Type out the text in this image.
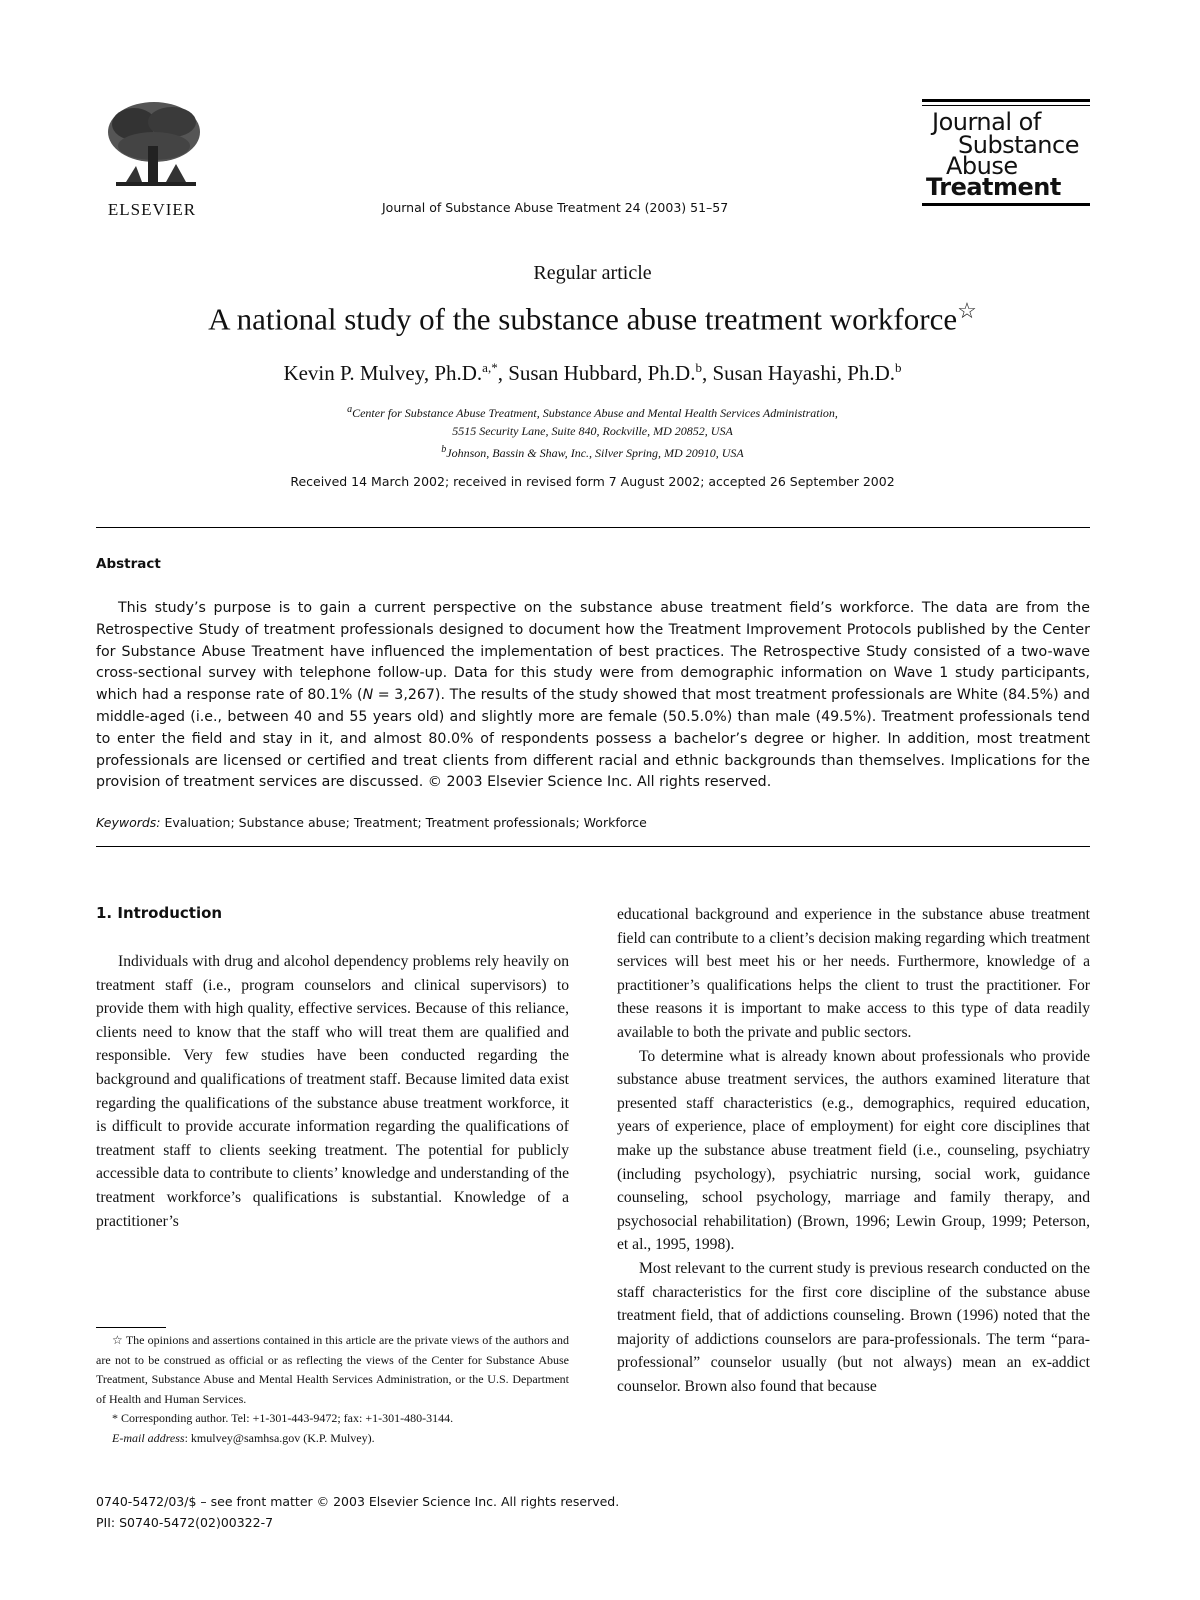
ELSEVIER	Journal of Substance Abuse Treatment 24 (2003) 51–57
Journal of
Substance
Abuse
Treatment
Regular article
A national study of the substance abuse treatment workforce☆
Kevin P. Mulvey, Ph.D.$^{a,*}$, Susan Hubbard, Ph.D.$^b$, Susan Hayashi, Ph.D.$^b$
$^a$Center for Substance Abuse Treatment, Substance Abuse and Mental Health Services Administration,
5515 Security Lane, Suite 840, Rockville, MD 20852, USA
$^b$Johnson, Bassin & Shaw, Inc., Silver Spring, MD 20910, USA
Received 14 March 2002; received in revised form 7 August 2002; accepted 26 September 2002
Abstract
This study’s purpose is to gain a current perspective on the substance abuse treatment field’s workforce. The data are from the Retrospective Study of treatment professionals designed to document how the Treatment Improvement Protocols published by the Center for Substance Abuse Treatment have influenced the implementation of best practices. The Retrospective Study consisted of a two-wave cross-sectional survey with telephone follow-up. Data for this study were from demographic information on Wave 1 study participants, which had a response rate of 80.1% (N = 3,267). The results of the study showed that most treatment professionals are White (84.5%) and middle-aged (i.e., between 40 and 55 years old) and slightly more are female (50.5.0%) than male (49.5%). Treatment professionals tend to enter the field and stay in it, and almost 80.0% of respondents possess a bachelor’s degree or higher. In addition, most treatment professionals are licensed or certified and treat clients from different racial and ethnic backgrounds than themselves. Implications for the provision of treatment services are discussed. © 2003 Elsevier Science Inc. All rights reserved.
Keywords: Evaluation; Substance abuse; Treatment; Treatment professionals; Workforce
1. Introduction

Individuals with drug and alcohol dependency problems rely heavily on treatment staff (i.e., program counselors and clinical supervisors) to provide them with high quality, effective services. Because of this reliance, clients need to know that the staff who will treat them are qualified and responsible. Very few studies have been conducted regarding the background and qualifications of treatment staff. Because limited data exist regarding the qualifications of the substance abuse treatment workforce, it is difficult to provide accurate information regarding the qualifications of treatment staff to clients seeking treatment. The potential for publicly accessible data to contribute to clients’ knowledge and understanding of the treatment workforce’s qualifications is substantial. Knowledge of a practitioner’s

educational background and experience in the substance abuse treatment field can contribute to a client’s decision making regarding which treatment services will best meet his or her needs. Furthermore, knowledge of a practitioner’s qualifications helps the client to trust the practitioner. For these reasons it is important to make access to this type of data readily available to both the private and public sectors.

To determine what is already known about professionals who provide substance abuse treatment services, the authors examined literature that presented staff characteristics (e.g., demographics, required education, years of experience, place of employment) for eight core disciplines that make up the substance abuse treatment field (i.e., counseling, psychiatry (including psychology), psychiatric nursing, social work, guidance counseling, school psychology, marriage and family therapy, and psychosocial rehabilitation) (Brown, 1996; Lewin Group, 1999; Peterson, et al., 1995, 1998).

Most relevant to the current study is previous research conducted on the staff characteristics for the first core discipline of the substance abuse treatment field, that of addictions counseling. Brown (1996) noted that the majority of addictions counselors are para-professionals. The term “para-professional” counselor usually (but not always) mean an ex-addict counselor. Brown also found that because

☆ The opinions and assertions contained in this article are the private views of the authors and are not to be construed as official or as reflecting the views of the Center for Substance Abuse Treatment, Substance Abuse and Mental Health Services Administration, or the U.S. Department of Health and Human Services.

* Corresponding author. Tel: +1-301-443-9472; fax: +1-301-480-3144.

E-mail address: kmulvey@samhsa.gov (K.P. Mulvey).

0740-5472/03/$ – see front matter © 2003 Elsevier Science Inc. All rights reserved.
PII: S0740-5472(02)00322-7
